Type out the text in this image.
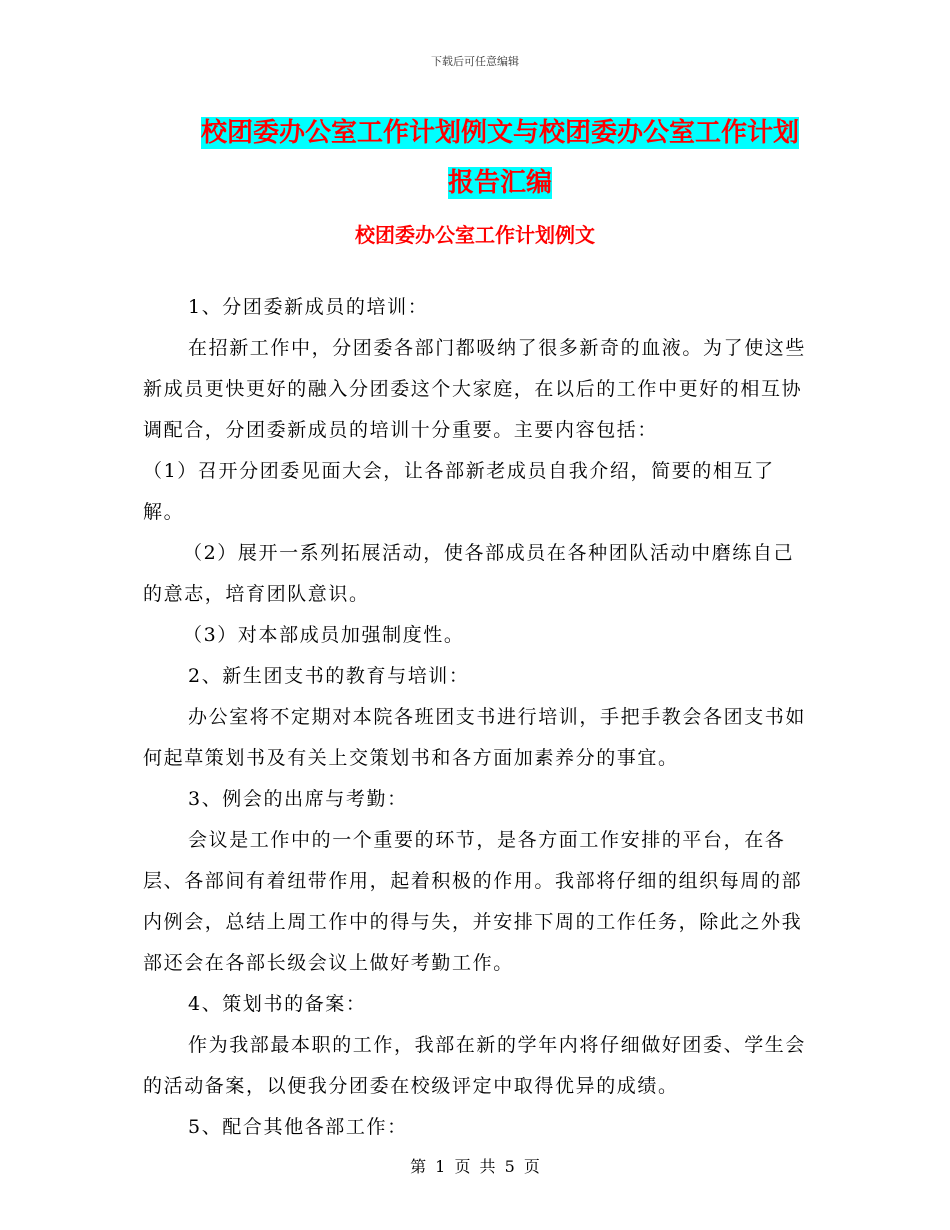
下载后可任意编辑
校团委办公室工作计划例文与校团委办公室工作计划
报告汇编
校团委办公室工作计划例文

1、分团委新成员的培训：

在招新工作中，分团委各部门都吸纳了很多新奇的血液。为了使这些新成员更快更好的融入分团委这个大家庭，在以后的工作中更好的相互协调配合，分团委新成员的培训十分重要。主要内容包括：

（1）召开分团委见面大会，让各部新老成员自我介绍，简要的相互了解。

（2）展开一系列拓展活动，使各部成员在各种团队活动中磨练自己的意志，培育团队意识。

（3）对本部成员加强制度性。

2、新生团支书的教育与培训：

办公室将不定期对本院各班团支书进行培训，手把手教会各团支书如何起草策划书及有关上交策划书和各方面加素养分的事宜。

3、例会的出席与考勤：

会议是工作中的一个重要的环节，是各方面工作安排的平台，在各层、各部间有着纽带作用，起着积极的作用。我部将仔细的组织每周的部内例会，总结上周工作中的得与失，并安排下周的工作任务，除此之外我部还会在各部长级会议上做好考勤工作。

4、策划书的备案：

作为我部最本职的工作，我部在新的学年内将仔细做好团委、学生会的活动备案，以便我分团委在校级评定中取得优异的成绩。

5、配合其他各部工作：

第 1 页 共 5 页
